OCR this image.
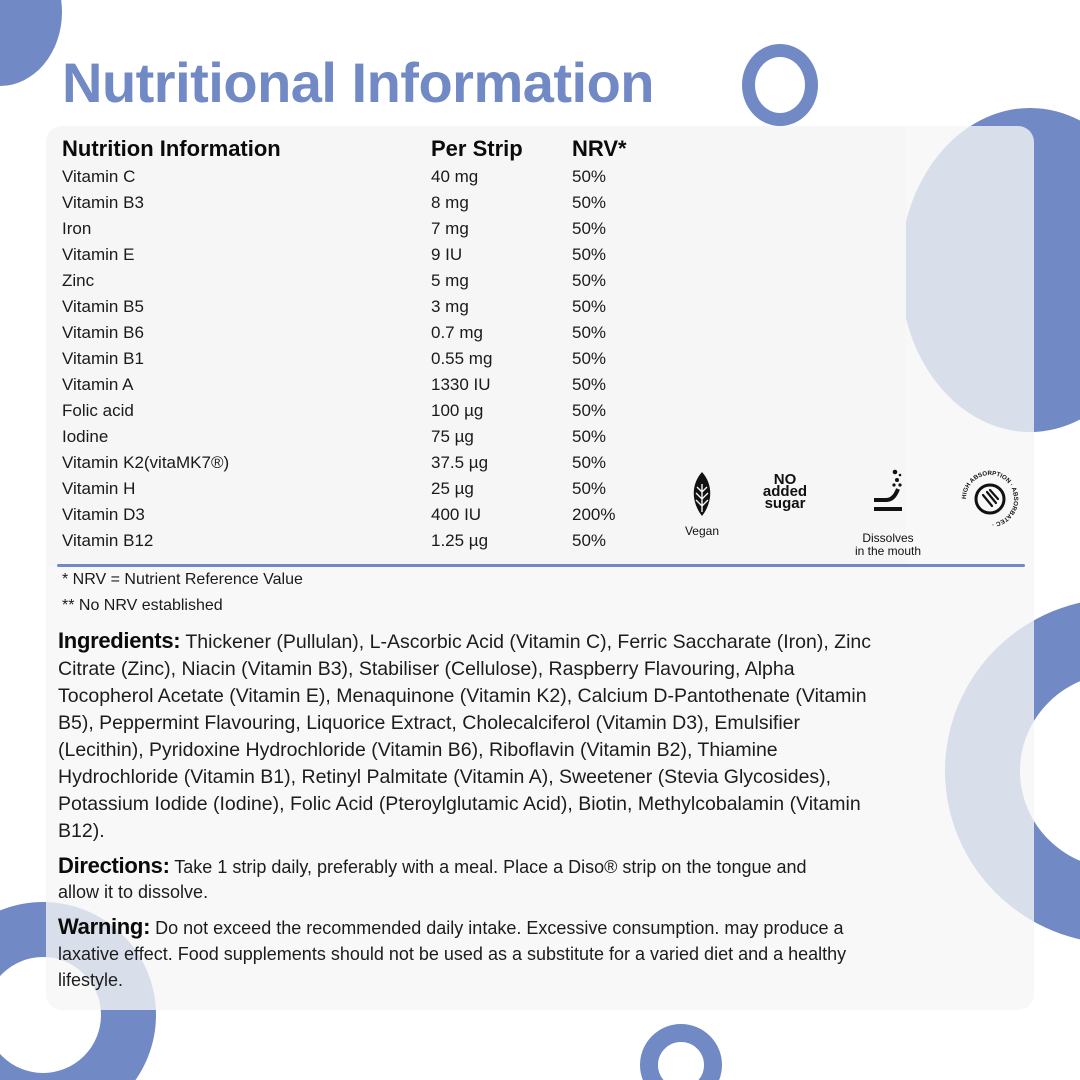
Nutritional Information
Nutrition Information	Per Strip	NRV*
Vitamin C	40 mg	50%
Vitamin B3	8 mg	50%
Iron	7 mg	50%
Vitamin E	9 IU	50%
Zinc	5 mg	50%
Vitamin B5	3 mg	50%
Vitamin B6	0.7 mg	50%
Vitamin B1	0.55 mg	50%
Vitamin A	1330 IU	50%
Folic acid	100 µg	50%
Iodine	75 µg	50%
Vitamin K2(vitaMK7®)	37.5 µg	50%
Vitamin H	25 µg	50%
Vitamin D3	400 IU	200%
Vitamin B12	1.25 µg	50%	Vegan
NO
added
sugar
Dissolves
in the mouth
HIGH ABSORPTION · ABSORBATEC ·
* NRV = Nutrient Reference Value
** No NRV established

Ingredients: Thickener (Pullulan), L-Ascorbic Acid (Vitamin C), Ferric Saccharate (Iron), Zinc Citrate (Zinc), Niacin (Vitamin B3), Stabiliser (Cellulose), Raspberry Flavouring, Alpha Tocopherol Acetate (Vitamin E), Menaquinone (Vitamin K2), Calcium D-Pantothenate (Vitamin B5), Peppermint Flavouring, Liquorice Extract, Cholecalciferol (Vitamin D3), Emulsifier (Lecithin), Pyridoxine Hydrochloride (Vitamin B6), Riboflavin (Vitamin B2), Thiamine Hydrochloride (Vitamin B1), Retinyl Palmitate (Vitamin A), Sweetener (Stevia Glycosides), Potassium Iodide (Iodine), Folic Acid (Pteroylglutamic Acid), Biotin, Methylcobalamin (Vitamin B12).

Directions: Take 1 strip daily, preferably with a meal. Place a Diso® strip on the tongue and allow it to dissolve.

Warning: Do not exceed the recommended daily intake. Excessive consumption. may produce a laxative effect. Food supplements should not be used as a substitute for a varied diet and a healthy lifestyle.
